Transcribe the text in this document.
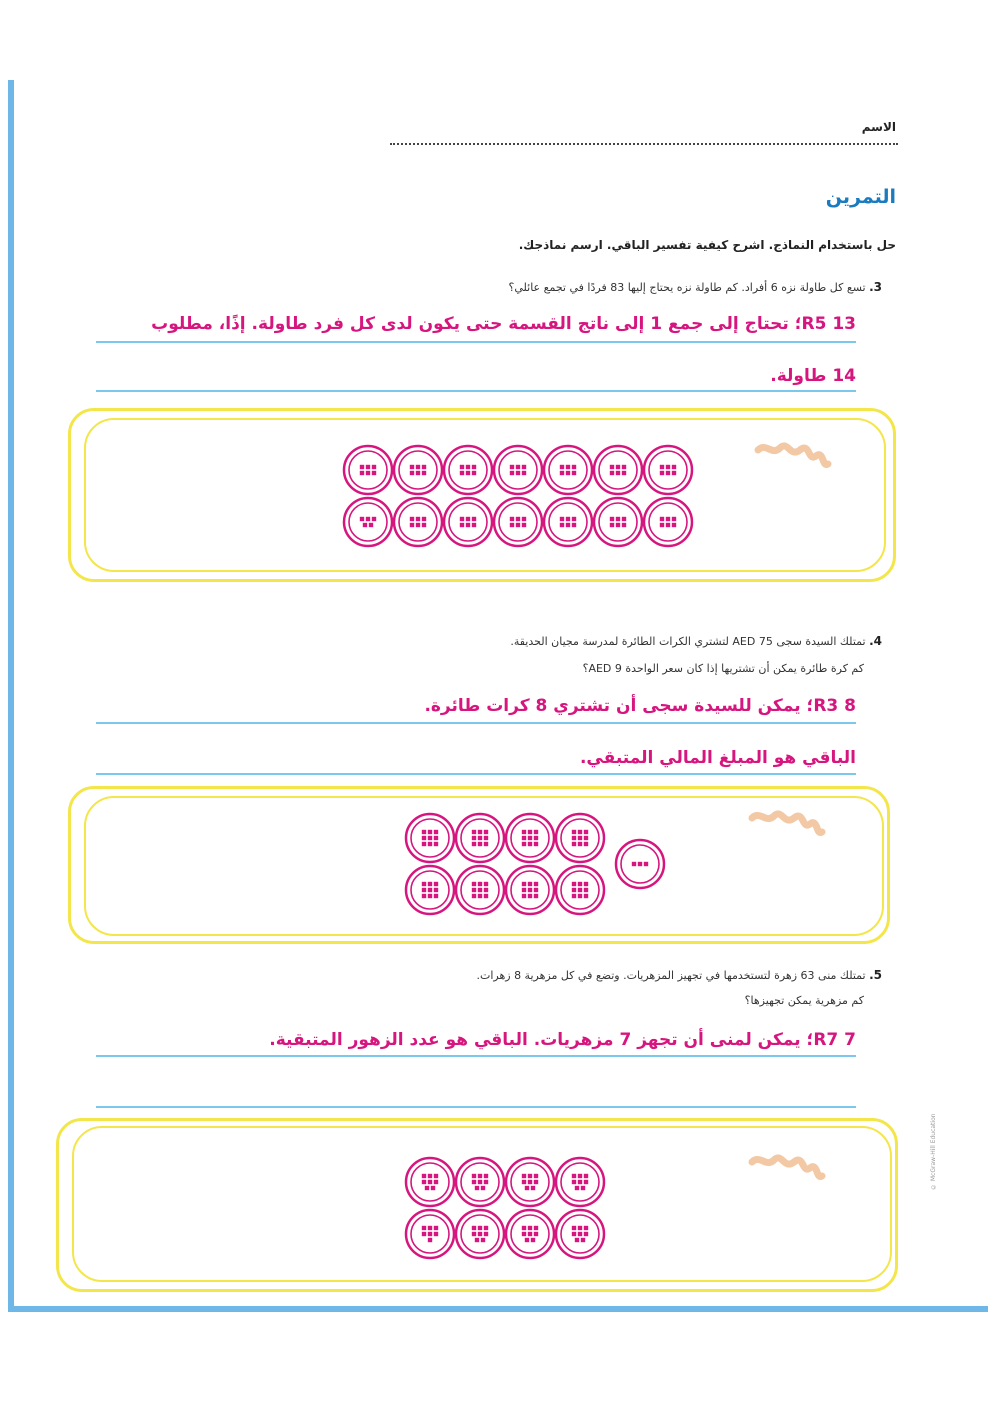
الاسم
التمرين
حل باستخدام النماذج. اشرح كيفية تفسير الباقي. ارسم نماذجك.
3. تسع كل طاولة نزه 6 أفراد. كم طاولة نزه يحتاج إليها 83 فردًا في تجمع عائلي؟
R5 13؛ تحتاج إلى جمع 1 إلى ناتج القسمة حتى يكون لدى كل فرد طاولة. إذًا، مطلوب
14 طاولة.
4. تمتلك السيدة سجى AED 75 لتشتري الكرات الطائرة لمدرسة مجيان الحديقة.
كم كرة طائرة يمكن أن تشتريها إذا كان سعر الواحدة AED 9؟
R3 8؛ يمكن للسيدة سجى أن تشتري 8 كرات طائرة.
الباقي هو المبلغ المالي المتبقي.
5. تمتلك منى 63 زهرة لتستخدمها في تجهيز المزهريات. وتضع في كل مزهرية 8 زهرات.
كم مزهرية يمكن تجهيزها؟
R7 7؛ يمكن لمنى أن تجهز 7 مزهريات. الباقي هو عدد الزهور المتبقية.
© McGraw-Hill Education
